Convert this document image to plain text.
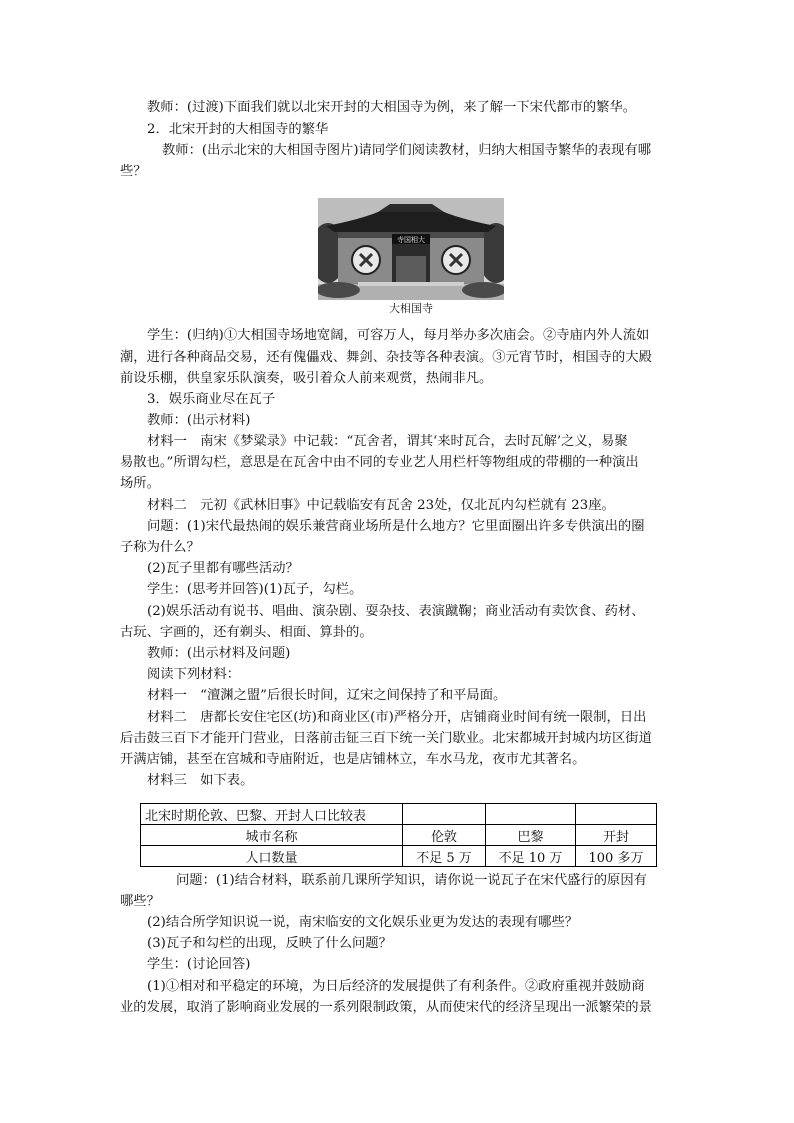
教师：(过渡)下面我们就以北宋开封的大相国寺为例，来了解一下宋代都市的繁华。
2．北宋开封的大相国寺的繁华
教师：(出示北宋的大相国寺图片)请同学们阅读教材，归纳大相国寺繁华的表现有哪
些？
寺国相大
大相国寺
学生：(归纳)①大相国寺场地宽阔，可容万人，每月举办多次庙会。②寺庙内外人流如
潮，进行各种商品交易，还有傀儡戏、舞剑、杂技等各种表演。③元宵节时，相国寺的大殿
前设乐棚，供皇家乐队演奏，吸引着众人前来观赏，热闹非凡。
3．娱乐商业尽在瓦子
教师：(出示材料)
材料一　南宋《梦粱录》中记载：“瓦舍者，谓其‘来时瓦合，去时瓦解’之义，易聚
易散也。”所谓勾栏，意思是在瓦舍中由不同的专业艺人用栏杆等物组成的带棚的一种演出
场所。
材料二　元初《武林旧事》中记载临安有瓦舍 23处，仅北瓦内勾栏就有 23座。
问题：(1)宋代最热闹的娱乐兼营商业场所是什么地方？它里面圈出许多专供演出的圈
子称为什么？
(2)瓦子里都有哪些活动？
学生：(思考并回答)(1)瓦子，勾栏。
(2)娱乐活动有说书、唱曲、演杂剧、耍杂技、表演蹴鞠；商业活动有卖饮食、药材、
古玩、字画的，还有剃头、相面、算卦的。
教师：(出示材料及问题)
阅读下列材料：
材料一　“澶渊之盟”后很长时间，辽宋之间保持了和平局面。
材料二　唐都长安住宅区(坊)和商业区(市)严格分开，店铺商业时间有统一限制，日出
后击鼓三百下才能开门营业，日落前击钲三百下统一关门歇业。北宋都城开封城内坊区街道
开满店铺，甚至在宫城和寺庙附近，也是店铺林立，车水马龙，夜市尤其著名。
材料三　如下表。
北宋时期伦敦、巴黎、开封人口比较表			
城市名称	伦敦	巴黎	开封
人口数量	不足 5 万	不足 10 万	100 多万
问题：(1)结合材料，联系前几课所学知识，请你说一说瓦子在宋代盛行的原因有
哪些？
(2)结合所学知识说一说，南宋临安的文化娱乐业更为发达的表现有哪些？
(3)瓦子和勾栏的出现，反映了什么问题？
学生：(讨论回答)
(1)①相对和平稳定的环境，为日后经济的发展提供了有利条件。②政府重视并鼓励商
业的发展，取消了影响商业发展的一系列限制政策，从而使宋代的经济呈现出一派繁荣的景
